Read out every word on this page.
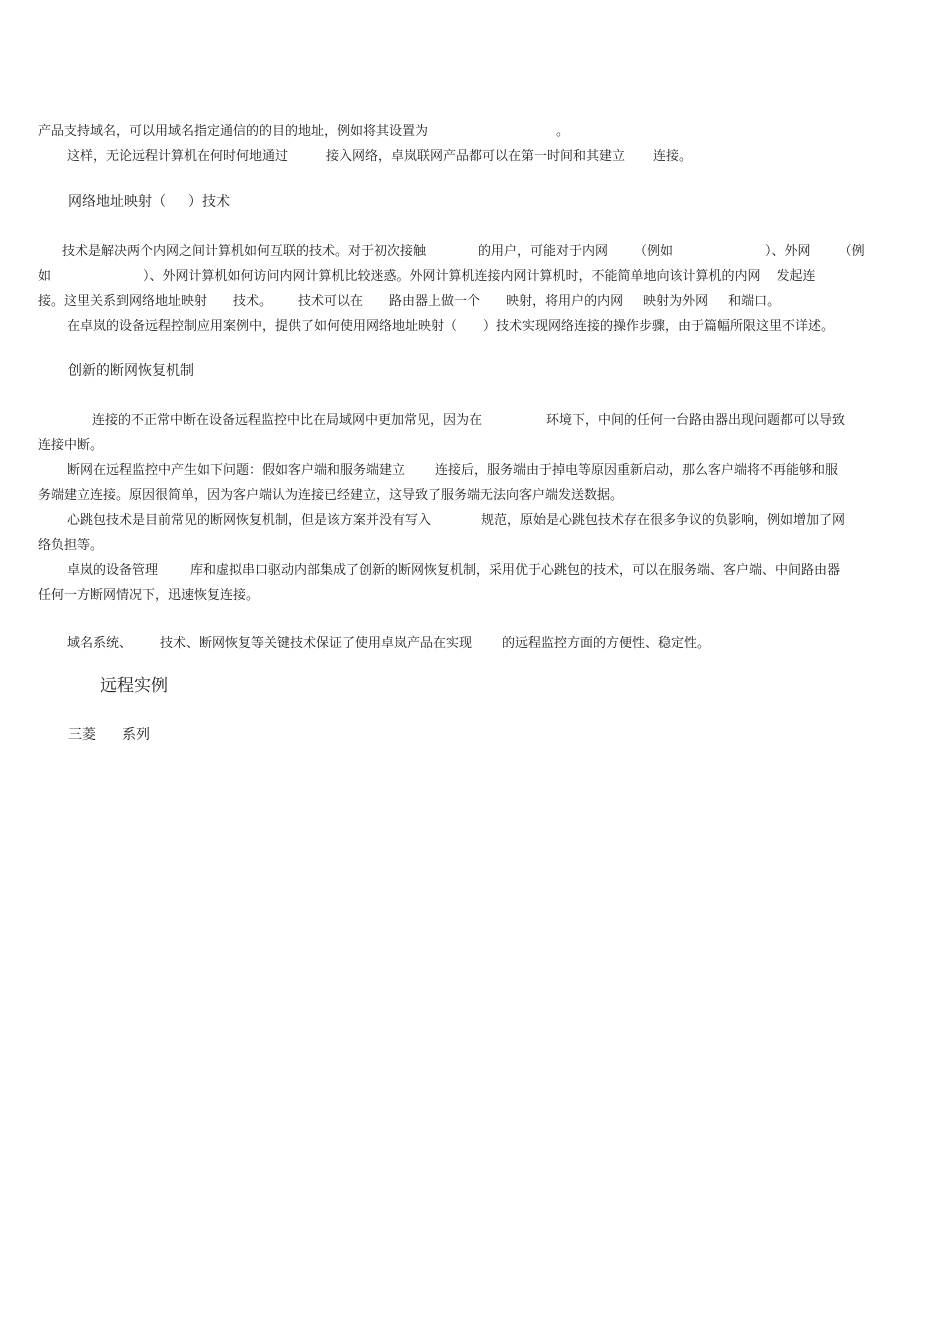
产品支持域名，可以用域名指定通信的的目的地址，例如将其设置为	。
这样，无论远程计算机在何时何地通过	接入网络，卓岚联网产品都可以在第一时间和其建立 连接。
网络地址映射（ ）技术
技术是解决两个内网之间计算机如何互联的技术。对于初次接触	的用户，可能对于内网 （例如	）、外网 （例
如	）、外网计算机如何访问内网计算机比较迷惑。外网计算机连接内网计算机时，不能简单地向该计算机的内网 发起连
接。这里关系到网络地址映射 技术。 技术可以在 路由器上做一个 映射，将用户的内网 映射为外网 和端口。
在卓岚的设备远程控制应用案例中，提供了如何使用网络地址映射（ ）技术实现网络连接的操作步骤，由于篇幅所限这里不详述。
创新的断网恢复机制
连接的不正常中断在设备远程监控中比在局域网中更加常见，因为在	环境下，中间的任何一台路由器出现问题都可以导致
连接中断。
断网在远程监控中产生如下问题：假如客户端和服务端建立 连接后，服务端由于掉电等原因重新启动，那么客户端将不再能够和服
务端建立连接。原因很简单，因为客户端认为连接已经建立，这导致了服务端无法向客户端发送数据。
心跳包技术是目前常见的断网恢复机制，但是该方案并没有写入	规范，原始是心跳包技术存在很多争议的负影响，例如增加了网
络负担等。
卓岚的设备管理 库和虚拟串口驱动内部集成了创新的断网恢复机制，采用优于心跳包的技术，可以在服务端、客户端、中间路由器
任何一方断网情况下，迅速恢复连接。
域名系统、 技术、断网恢复等关键技术保证了使用卓岚产品在实现 的远程监控方面的方便性、稳定性。
远程实例
三菱 系列
